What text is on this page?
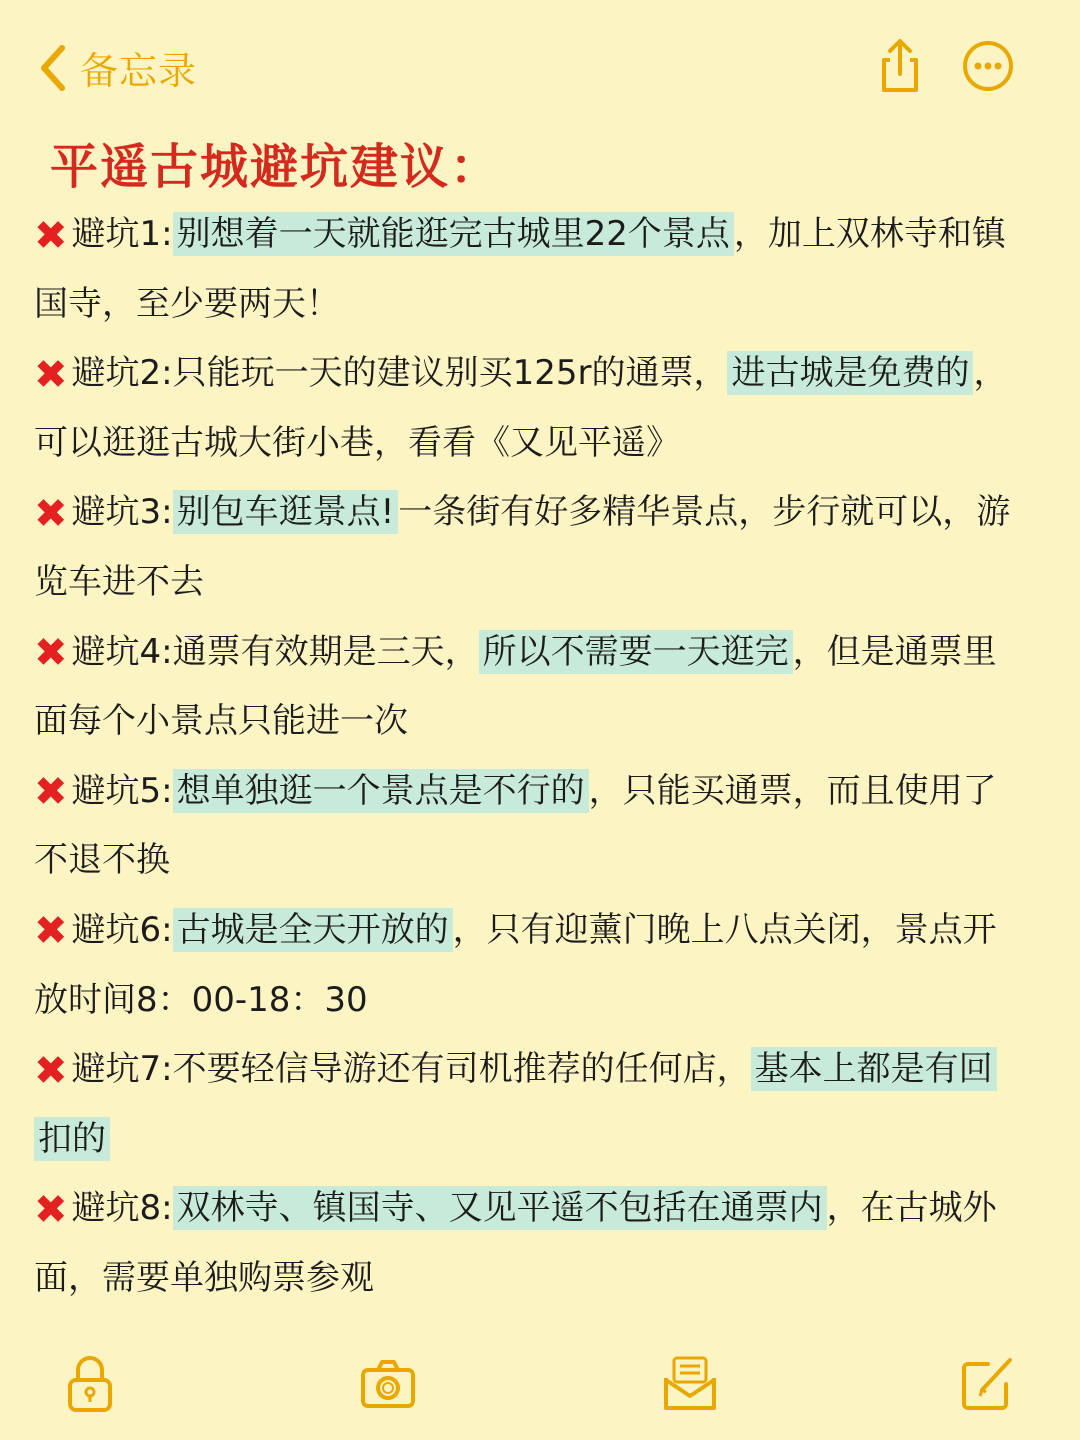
备忘录
平遥古城避坑建议：
✖ 避坑1: 别想着一天就能逛完古城里22个景点 ，加上双林寺和镇
国寺，至少要两天！
✖ 避坑2:只能玩一天的建议别买125r的通票， 进古城是免费的 ，
可以逛逛古城大街小巷，看看《又见平遥》
✖ 避坑3: 别包车逛景点! 一条街有好多精华景点，步行就可以，游
览车进不去
✖ 避坑4:通票有效期是三天， 所以不需要一天逛完 ，但是通票里
面每个小景点只能进一次
✖ 避坑5: 想单独逛一个景点是不行的 ，只能买通票，而且使用了
不退不换
✖ 避坑6: 古城是全天开放的 ，只有迎薰门晚上八点关闭，景点开
放时间8：00-18：30
✖ 避坑7:不要轻信导游还有司机推荐的任何店， 基本上都是有回
扣的
✖ 避坑8: 双林寺、镇国寺、又见平遥不包括在通票内 ，在古城外
面，需要单独购票参观
